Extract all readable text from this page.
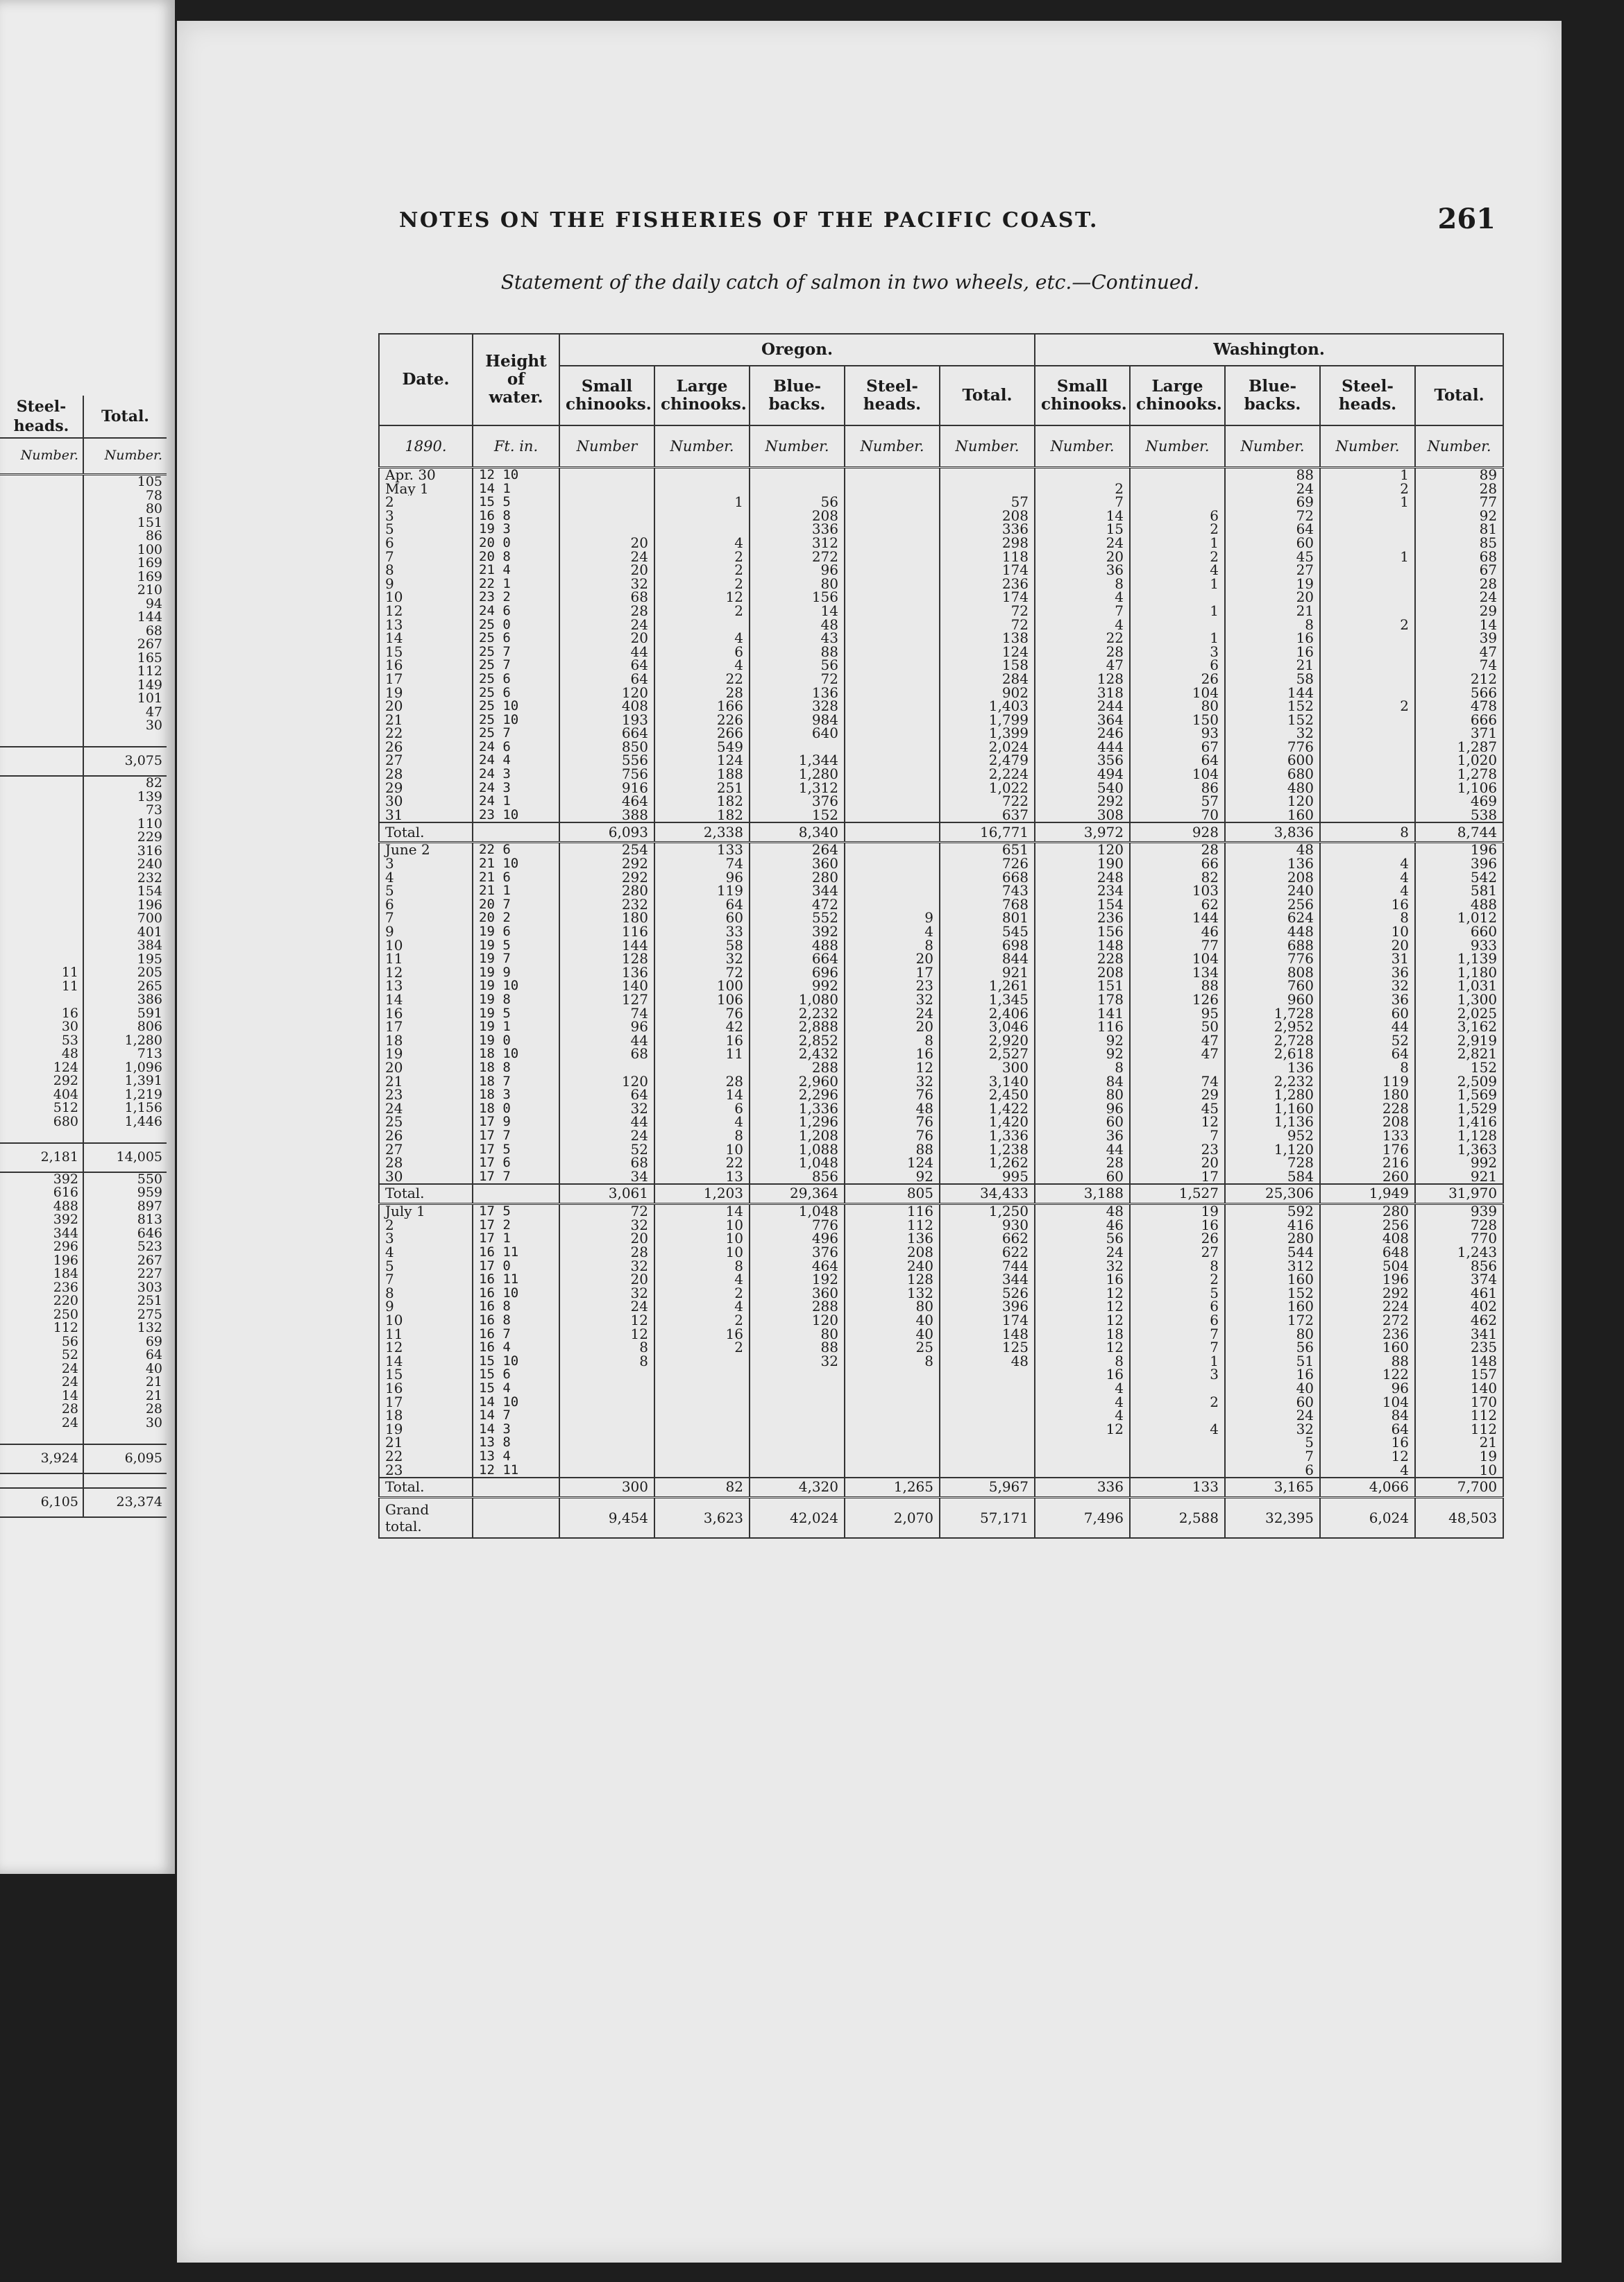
Steel- heads.	Total.
Number.	Number.
	105
	78
	80
	151
	86
	100
	169
	169
	210
	94
	144
	68
	267
	165
	112
	149
	101
	47
	30

	3,075
	82
	139
	73
	110
	229
	316
	240
	232
	154
	196
	700
	401
	384
	195
11	205
11	265
	386
16	591
30	806
53	1,280
48	713
124	1,096
292	1,391
404	1,219
512	1,156
680	1,446

2,181	14,005
392	550
616	959
488	897
392	813
344	646
296	523
196	267
184	227
236	303
220	251
250	275
112	132
56	69
52	64
24	40
24	21
14	21
28	28
24	30

3,924	6,095

6,105	23,374
NOTES ON THE FISHERIES OF THE PACIFIC COAST.	261
Statement of the daily catch of salmon in two wheels, etc.—Continued.
Date.	Height of water.	Oregon.					Washington.				
		Small chinooks.	Large chinooks.	Blue-backs.	Steel-heads.	Total.	Small chinooks.	Large chinooks.	Blue-backs.	Steel-heads.	Total.
1890.	Ft. in.	Number	Number.	Number.	Number.	Number.	Number.	Number.	Number.	Number.	Number.
Apr. 30	12 10								88	1	89
May 1	14 1						2		24	2	28
2	15 5		1	56		57	7		69	1	77
3	16 8			208		208	14	6	72		92
5	19 3			336		336	15	2	64		81
6	20 0	20	4	312		298	24	1	60		85
7	20 8	24	2	272		118	20	2	45	1	68
8	21 4	20	2	96		174	36	4	27		67
9	22 1	32	2	80		236	8	1	19		28
10	23 2	68	12	156		174	4		20		24
12	24 6	28	2	14		72	7	1	21		29
13	25 0	24		48		72	4		8	2	14
14	25 6	20	4	43		138	22	1	16		39
15	25 7	44	6	88		124	28	3	16		47
16	25 7	64	4	56		158	47	6	21		74
17	25 6	64	22	72		284	128	26	58		212
19	25 6	120	28	136		902	318	104	144		566
20	25 10	408	166	328		1,403	244	80	152	2	478
21	25 10	193	226	984		1,799	364	150	152		666
22	25 7	664	266	640		1,399	246	93	32		371
26	24 6	850	549			2,024	444	67	776		1,287
27	24 4	556	124	1,344		2,479	356	64	600		1,020
28	24 3	756	188	1,280		2,224	494	104	680		1,278
29	24 3	916	251	1,312		1,022	540	86	480		1,106
30	24 1	464	182	376		722	292	57	120		469
31	23 10	388	182	152		637	308	70	160		538
Total.		6,093	2,338	8,340		16,771	3,972	928	3,836	8	8,744
June 2	22 6	254	133	264		651	120	28	48		196
3	21 10	292	74	360		726	190	66	136	4	396
4	21 6	292	96	280		668	248	82	208	4	542
5	21 1	280	119	344		743	234	103	240	4	581
6	20 7	232	64	472		768	154	62	256	16	488
7	20 2	180	60	552	9	801	236	144	624	8	1,012
9	19 6	116	33	392	4	545	156	46	448	10	660
10	19 5	144	58	488	8	698	148	77	688	20	933
11	19 7	128	32	664	20	844	228	104	776	31	1,139
12	19 9	136	72	696	17	921	208	134	808	36	1,180
13	19 10	140	100	992	23	1,261	151	88	760	32	1,031
14	19 8	127	106	1,080	32	1,345	178	126	960	36	1,300
16	19 5	74	76	2,232	24	2,406	141	95	1,728	60	2,025
17	19 1	96	42	2,888	20	3,046	116	50	2,952	44	3,162
18	19 0	44	16	2,852	8	2,920	92	47	2,728	52	2,919
19	18 10	68	11	2,432	16	2,527	92	47	2,618	64	2,821
20	18 8			288	12	300	8		136	8	152
21	18 7	120	28	2,960	32	3,140	84	74	2,232	119	2,509
23	18 3	64	14	2,296	76	2,450	80	29	1,280	180	1,569
24	18 0	32	6	1,336	48	1,422	96	45	1,160	228	1,529
25	17 9	44	4	1,296	76	1,420	60	12	1,136	208	1,416
26	17 7	24	8	1,208	76	1,336	36	7	952	133	1,128
27	17 5	52	10	1,088	88	1,238	44	23	1,120	176	1,363
28	17 6	68	22	1,048	124	1,262	28	20	728	216	992
30	17 7	34	13	856	92	995	60	17	584	260	921
Total.		3,061	1,203	29,364	805	34,433	3,188	1,527	25,306	1,949	31,970
July 1	17 5	72	14	1,048	116	1,250	48	19	592	280	939
2	17 2	32	10	776	112	930	46	16	416	256	728
3	17 1	20	10	496	136	662	56	26	280	408	770
4	16 11	28	10	376	208	622	24	27	544	648	1,243
5	17 0	32	8	464	240	744	32	8	312	504	856
7	16 11	20	4	192	128	344	16	2	160	196	374
8	16 10	32	2	360	132	526	12	5	152	292	461
9	16 8	24	4	288	80	396	12	6	160	224	402
10	16 8	12	2	120	40	174	12	6	172	272	462
11	16 7	12	16	80	40	148	18	7	80	236	341
12	16 4	8	2	88	25	125	12	7	56	160	235
14	15 10	8		32	8	48	8	1	51	88	148
15	15 6						16	3	16	122	157
16	15 4						4		40	96	140
17	14 10						4	2	60	104	170
18	14 7						4		24	84	112
19	14 3						12	4	32	64	112
21	13 8								5	16	21
22	13 4								7	12	19
23	12 11								6	4	10
Total.		300	82	4,320	1,265	5,967	336	133	3,165	4,066	7,700
Grand total.		9,454	3,623	42,024	2,070	57,171	7,496	2,588	32,395	6,024	48,503
